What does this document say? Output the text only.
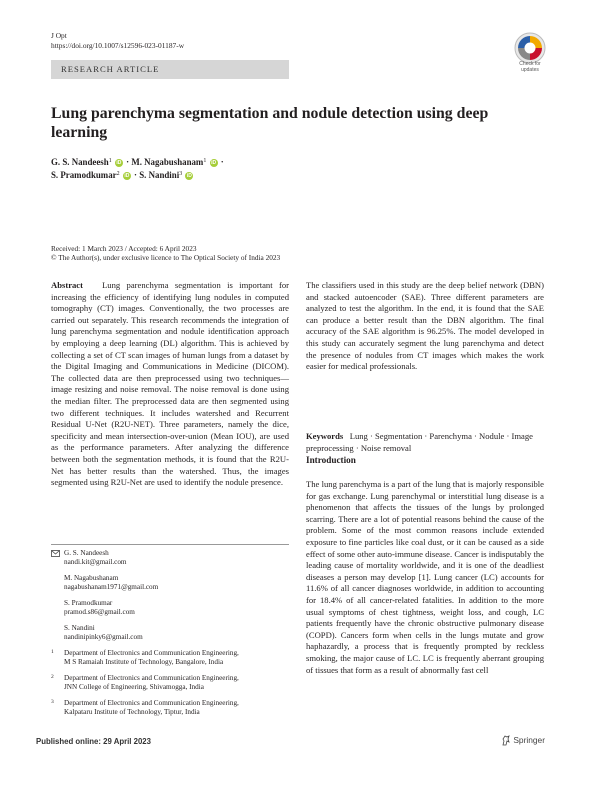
J Opt
https://doi.org/10.1007/s12596-023-01187-w
Check for updates
RESEARCH ARTICLE
Lung parenchyma segmentation and nodule detection using deep learning
G. S. Nandeesh$^1$ iD · M. Nagabushanam$^1$ iD ·
S. Pramodkumar$^2$ iD · S. Nandini$^3$ iD
Received: 1 March 2023 / Accepted: 6 April 2023
© The Author(s), under exclusive licence to The Optical Society of India 2023

Abstract Lung parenchyma segmentation is important for increasing the efficiency of identifying lung nodules in computed tomography (CT) images. Conventionally, the two processes are carried out separately. This research recommends the integration of lung parenchyma segmentation and nodule identification approach by employing a deep learning (DL) algorithm. This is achieved by collecting a set of CT scan images of human lungs from a dataset by the Digital Imaging and Communications in Medicine (DICOM). The collected data are then preprocessed using two techniques—image resizing and noise removal. The noise removal is done using the median filter. The preprocessed data are then segmented using two different techniques. It includes watershed and Recurrent Residual U-Net (R2U-NET). Three parameters, namely the dice, specificity and mean intersection-over-union (Mean IOU), are used as the performance parameters. After analyzing the difference between both the segmentation methods, it is found that the R2U-Net has better results than the watershed. Thus, the images segmented using R2U-Net are used to identify the nodule presence.

The classifiers used in this study are the deep belief network (DBN) and stacked autoencoder (SAE). Three different parameters are analyzed to test the algorithm. In the end, it is found that the SAE can produce a better result than the DBN algorithm. The final accuracy of the SAE algorithm is 96.25%. The model developed in this study can accurately segment the lung parenchyma and detect the presence of nodules from CT images which makes the work easier for medical professionals.

Keywords Lung · Segmentation · Parenchyma · Nodule · Image preprocessing · Noise removal

Introduction

The lung parenchyma is a part of the lung that is majorly responsible for gas exchange. Lung parenchymal or interstitial lung disease is a phenomenon that affects the tissues of the lungs by prolonged scarring. There are a lot of potential reasons behind the cause of the problem. Some of the most common reasons include extended exposure to fine particles like coal dust, or it can be caused as a side effect of some other auto-immune disease. Cancer is indisputably the leading cause of mortality worldwide, and it is one of the deadliest diseases a person may develop [1]. Lung cancer (LC) accounts for 11.6% of all cancer diagnoses worldwide, in addition to accounting for 18.4% of all cancer-related fatalities. In addition to the more usual symptoms of chest tightness, weight loss, and cough, LC patients frequently have the chronic obstructive pulmonary disease (COPD). Cancers form when cells in the lungs mutate and grow haphazardly, a process that is frequently prompted by reckless smoking, the major cause of LC. LC is frequently aberrant grouping of tissues that form as a result of abnormally fast cell

G. S. Nandeesh
nandi.kit@gmail.com
M. Nagabushanam
nagabushanam1971@gmail.com
S. Pramodkumar
pramod.s86@gmail.com
S. Nandini
nandinipinky6@gmail.com
1 Department of Electronics and Communication Engineering,
M S Ramaiah Institute of Technology, Bangalore, India
2 Department of Electronics and Communication Engineering,
JNN College of Engineering, Shivamogga, India
3 Department of Electronics and Communication Engineering,
Kalpataru Institute of Technology, Tiptur, India
Published online: 29 April 2023	Springer
